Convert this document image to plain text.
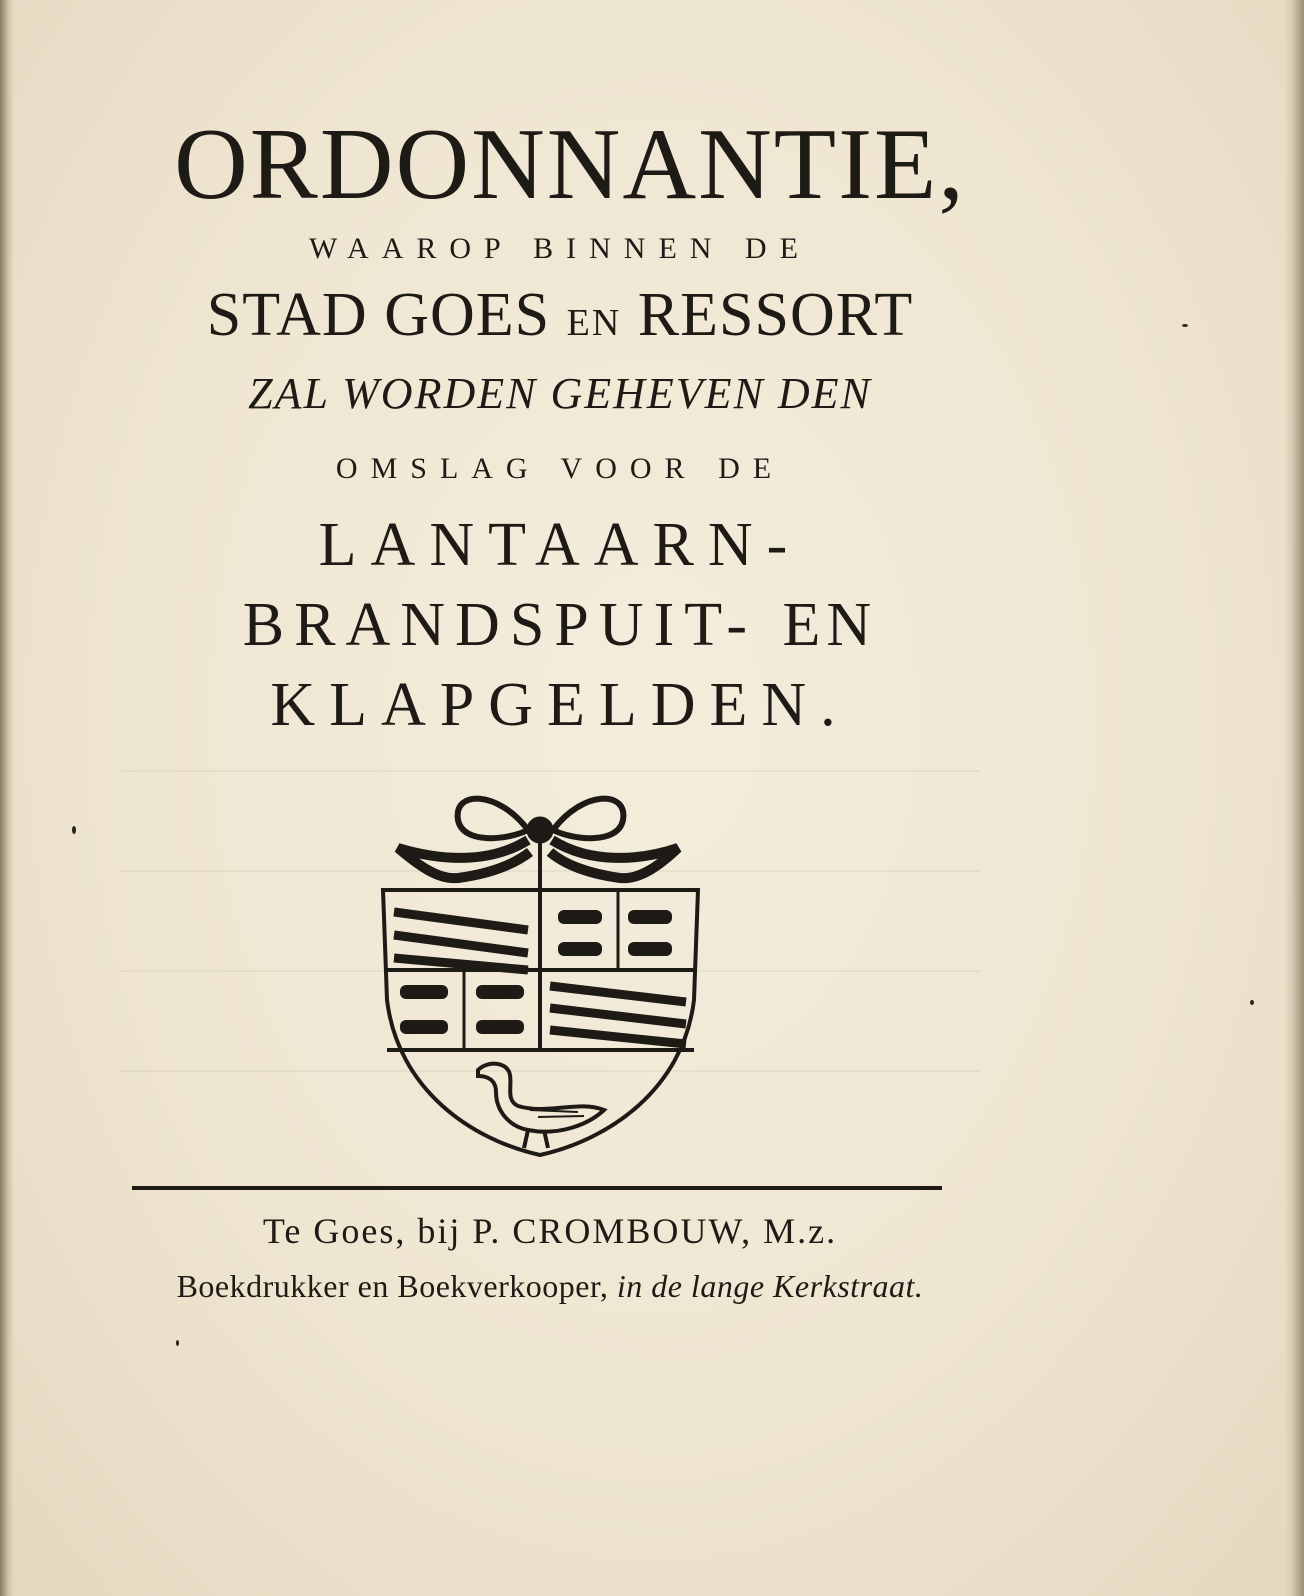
ORDONNANTIE,
WAAROP BINNEN DE
STAD GOES EN RESSORT
ZAL WORDEN GEHEVEN DEN
OMSLAG VOOR DE
LANTAARN-
BRANDSPUIT- EN
KLAPGELDEN.
Te Goes, bij P. CROMBOUW, M.z.
Boekdrukker en Boekverkooper, in de lange Kerkstraat.
